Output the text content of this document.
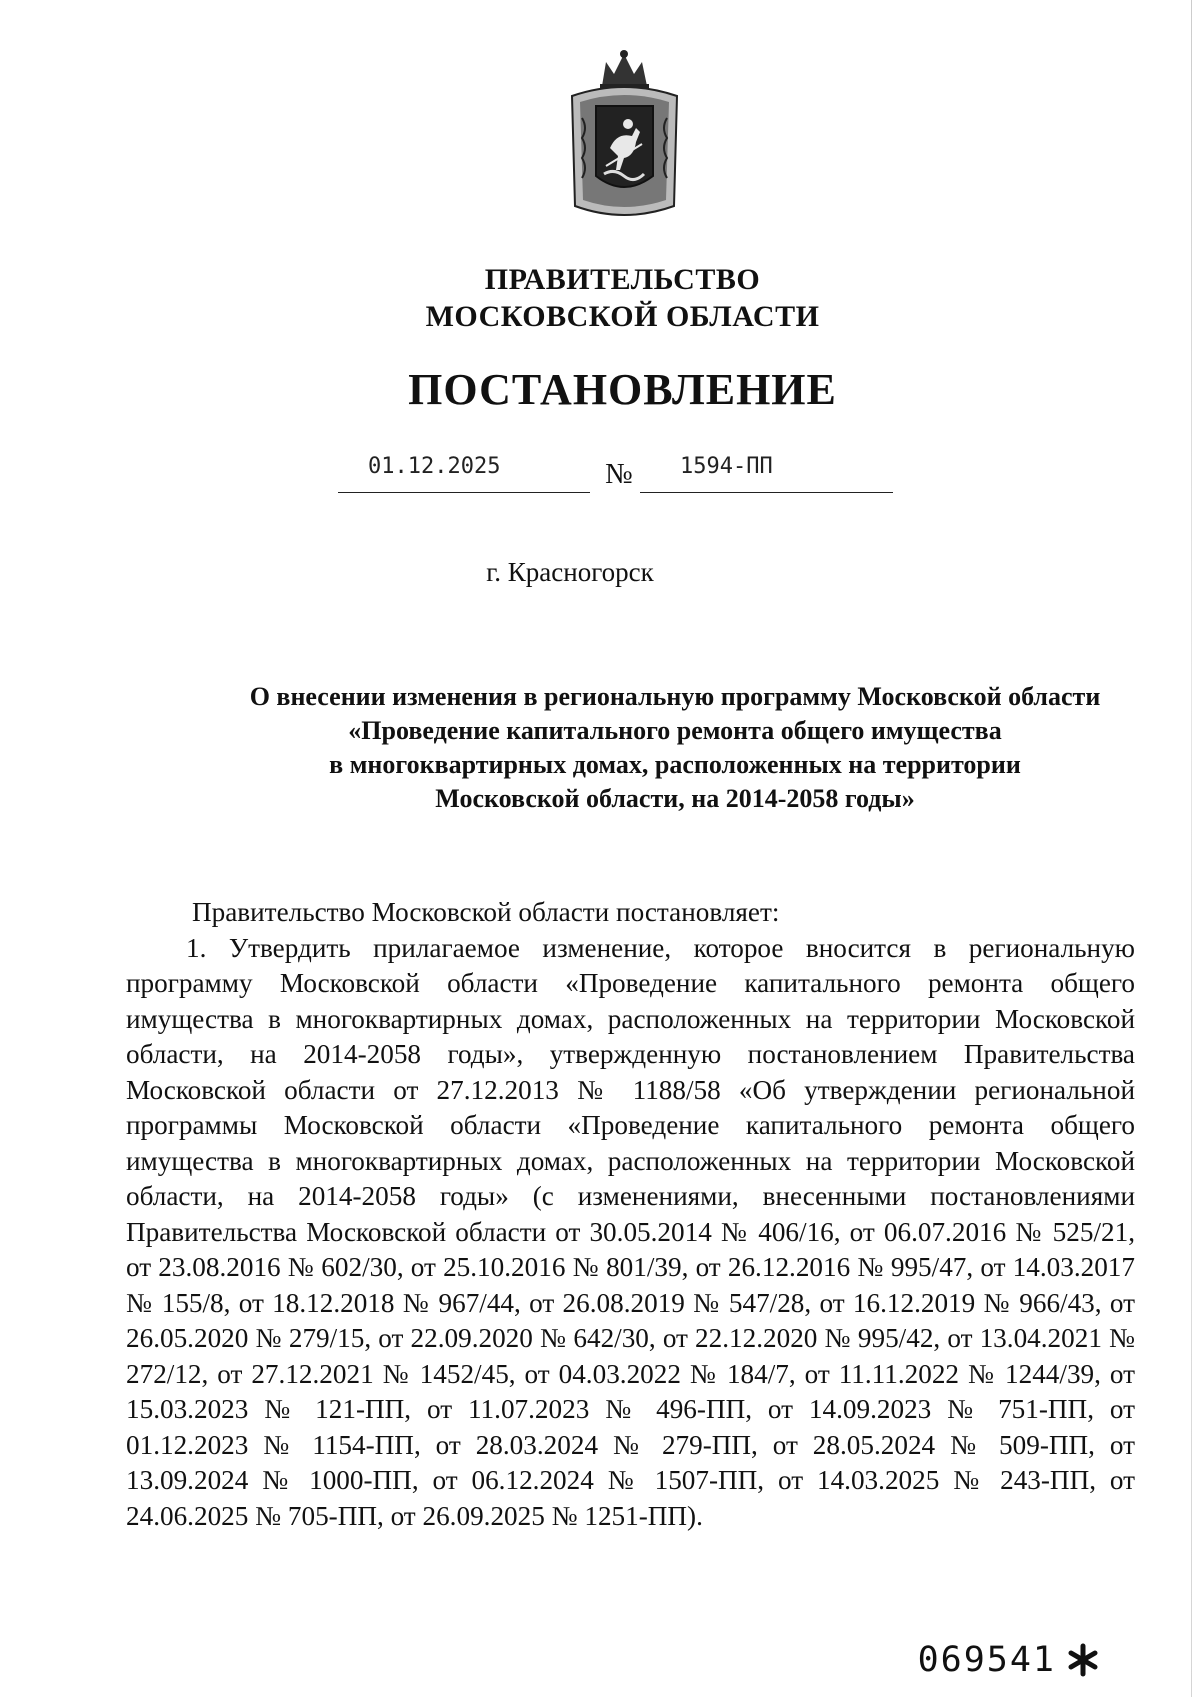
ПРАВИТЕЛЬСТВО
МОСКОВСКОЙ ОБЛАСТИ
ПОСТАНОВЛЕНИЕ
01.12.2025	№ 1594-ПП
г. Красногорск
О внесении изменения в региональную программу Московской области
«Проведение капитального ремонта общего имущества
в многоквартирных домах, расположенных на территории
Московской области, на 2014-2058 годы»
Правительство Московской области постановляет:

1. Утвердить прилагаемое изменение, которое вносится в региональную программу Московской области «Проведение капитального ремонта общего имущества в многоквартирных домах, расположенных на территории Московской области, на 2014-2058 годы», утвержденную постановлением Правительства Московской области от 27.12.2013 № 1188/58 «Об утверждении региональной программы Московской области «Проведение капитального ремонта общего имущества в многоквартирных домах, расположенных на территории Московской области, на 2014-2058 годы» (с изменениями, внесенными постановлениями Правительства Московской области от 30.05.2014 № 406/16, от 06.07.2016 № 525/21, от 23.08.2016 № 602/30, от 25.10.2016 № 801/39, от 26.12.2016 № 995/47, от 14.03.2017 № 155/8, от 18.12.2018 № 967/44, от 26.08.2019 № 547/28, от 16.12.2019 № 966/43, от 26.05.2020 № 279/15, от 22.09.2020 № 642/30, от 22.12.2020 № 995/42, от 13.04.2021 № 272/12, от 27.12.2021 № 1452/45, от 04.03.2022 № 184/7, от 11.11.2022 № 1244/39, от 15.03.2023 № 121-ПП, от 11.07.2023 № 496-ПП, от 14.09.2023 № 751-ПП, от 01.12.2023 № 1154-ПП, от 28.03.2024 № 279-ПП, от 28.05.2024 № 509-ПП, от 13.09.2024 № 1000-ПП, от 06.12.2024 № 1507-ПП, от 14.03.2025 № 243-ПП, от 24.06.2025 № 705-ПП, от 26.09.2025 № 1251-ПП).

069541
